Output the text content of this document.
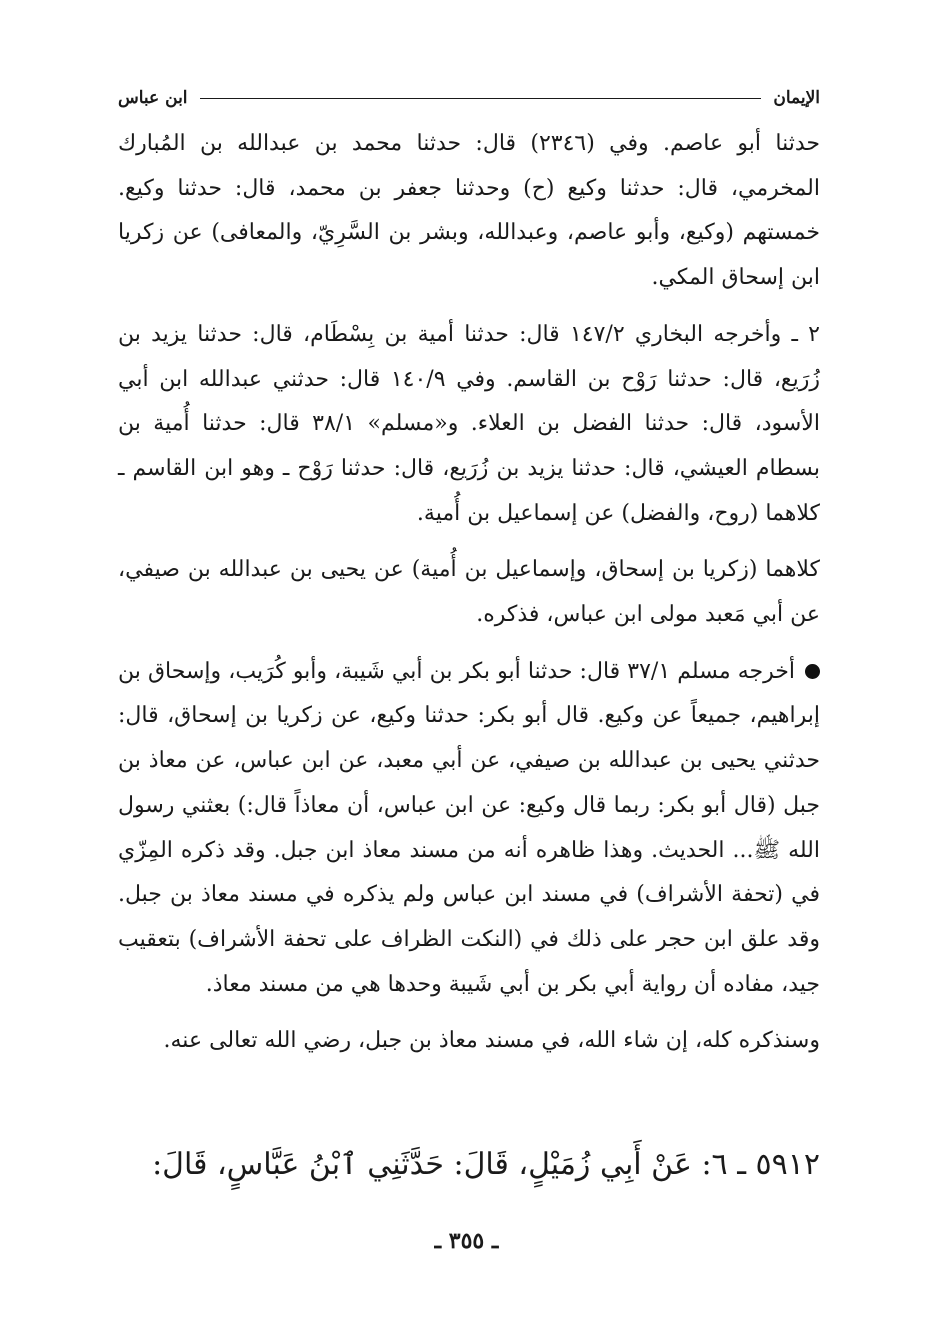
الإيمان
ابن عباس

حدثنا أبو عاصم. وفي (٢٣٤٦) قال: حدثنا محمد بن عبدالله بن المُبارك المخرمي، قال: حدثنا وكيع (ح) وحدثنا جعفر بن محمد، قال: حدثنا وكيع. خمستهم (وكيع، وأبو عاصم، وعبدالله، وبشر بن السَّرِيّ، والمعافى) عن زكريا ابن إسحاق المكي.

٢ ـ وأخرجه البخاري ١٤٧/٢ قال: حدثنا أمية بن بِسْطَام، قال: حدثنا يزيد بن زُرَيع، قال: حدثنا رَوْح بن القاسم. وفي ١٤٠/٩ قال: حدثني عبدالله ابن أبي الأسود، قال: حدثنا الفضل بن العلاء. و«مسلم» ٣٨/١ قال: حدثنا أُمية بن بسطام العيشي، قال: حدثنا يزيد بن زُرَيع، قال: حدثنا رَوْح ـ وهو ابن القاسم ـ كلاهما (روح، والفضل) عن إسماعيل بن أُمية.

كلاهما (زكريا بن إسحاق، وإسماعيل بن أُمية) عن يحيى بن عبدالله بن صيفي، عن أبي مَعبد مولى ابن عباس، فذكره.

أخرجه مسلم ٣٧/١ قال: حدثنا أبو بكر بن أبي شَيبة، وأبو كُرَيب، وإسحاق بن إبراهيم، جميعاً عن وكيع. قال أبو بكر: حدثنا وكيع، عن زكريا بن إسحاق، قال: حدثني يحيى بن عبدالله بن صيفي، عن أبي معبد، عن ابن عباس، عن معاذ بن جبل (قال أبو بكر: ربما قال وكيع: عن ابن عباس، أن معاذاً قال:) بعثني رسول الله ﷺ... الحديث. وهذا ظاهره أنه من مسند معاذ ابن جبل. وقد ذكره المِزّي في (تحفة الأشراف) في مسند ابن عباس ولم يذكره في مسند معاذ بن جبل. وقد علق ابن حجر على ذلك في (النكت الظراف على تحفة الأشراف) بتعقيب جيد، مفاده أن رواية أبي بكر بن أبي شَيبة وحدها هي من مسند معاذ.

وسنذكره كله، إن شاء الله، في مسند معاذ بن جبل، رضي الله تعالى عنه.

٥٩١٢ ـ ٦: عَنْ أَبِي زُمَيْلٍ، قَالَ: حَدَّثَنِي ٱبْنُ عَبَّاسٍ، قَالَ:
ـ ٣٥٥ ـ
